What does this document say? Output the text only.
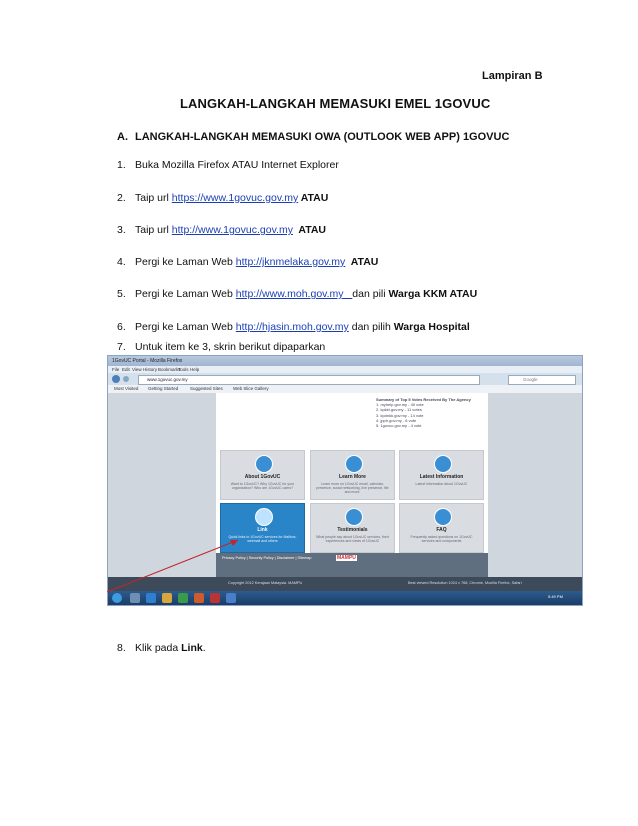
Lampiran B
LANGKAH-LANGKAH MEMASUKI EMEL 1GOVUC
A. LANGKAH-LANGKAH MEMASUKI OWA (OUTLOOK WEB APP) 1GOVUC
1. Buka Mozilla Firefox ATAU Internet Explorer
2. Taip url https://www.1govuc.gov.my ATAU
3. Taip url http://www.1govuc.gov.my  ATAU
4. Pergi ke Laman Web http://jknmelaka.gov.my  ATAU
5. Pergi ke Laman Web http://www.moh.gov.my   dan pili Warga KKM ATAU
6. Pergi ke Laman Web http://hjasin.moh.gov.my dan pilih Warga Hospital
7. Untuk item ke 3, skrin berikut dipaparkan
1GovUC Portal - Mozilla Firefox
File Edit View History Bookmarks
Tools Help
www.1govuc.gov.my	Google
Most Visited Getting Started	Suggested Sites Web Slice Gallery
Summary of Top 5 Votes Received By The Agency
1. myhelp.gov.my - 40 vote
2. kpkkt.gov.my - 11 votes
3. kpdnkk.gov.my - 14 vote
4. jpph.gov.my - 6 vote
5. 1govuc.gov.my - 4 vote
About 1GovUC
Want to 1GovUC? Why 1GovUC for your organization? Who are 1GovUC users?
Learn More
Learn more on 1GovUC email, calendar, presence, social networking, live presence, file and more.
Latest Information
Latest information about 1GovUC
Link
Quick links to 1GovUC services for Mailbox, webmail and others
Testimonials
What people say about 1GovUC services, their experiences and views of 1GovUC
FAQ
Frequently asked questions on 1GovUC services and components
Privacy Policy | Security Policy | Disclaimer | Sitemap	MAMPU
Copyright 2012 Kerajaan Malaysia. MAMPU	Best viewed Resolution 1024 x 768, Chrome, Mozilla Firefox, Safari
5:49 PM
8. Klik pada Link.
